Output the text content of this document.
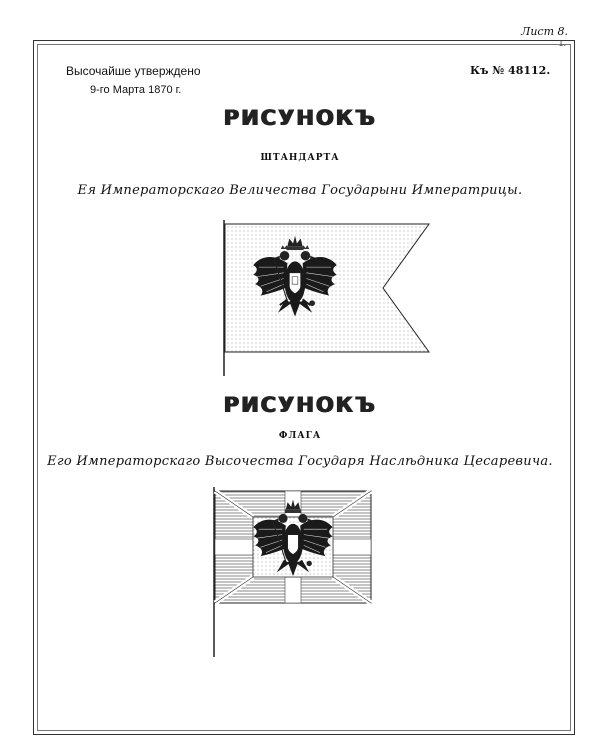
Лист 8.
1.
Высочайше утверждено
9-го Марта 1870 г.
Къ № 48112.
РИСУНОКЪ
ШТАНДАРТА
Ея Императорскаго Величества Государыни Императрицы.
РИСУНОКЪ
ФЛАГА
Его Императорскаго Высочества Государя Наслѣдника Цесаревича.
